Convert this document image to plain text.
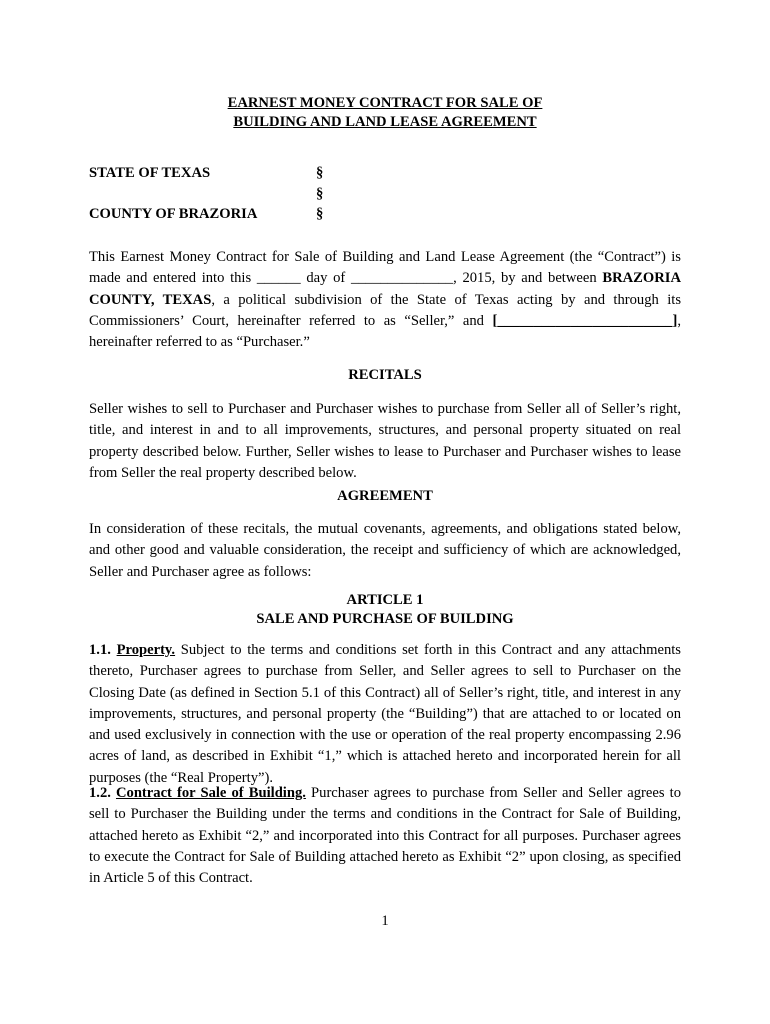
EARNEST MONEY CONTRACT FOR SALE OF
BUILDING AND LAND LEASE AGREEMENT
STATE OF TEXAS	§
§
COUNTY OF BRAZORIA	§

This Earnest Money Contract for Sale of Building and Land Lease Agreement (the “Contract”) is made and entered into this ______ day of ______________, 2015, by and between BRAZORIA COUNTY, TEXAS, a political subdivision of the State of Texas acting by and through its Commissioners’ Court, hereinafter referred to as “Seller,” and [________________________], hereinafter referred to as “Purchaser.”

RECITALS

Seller wishes to sell to Purchaser and Purchaser wishes to purchase from Seller all of Seller’s right, title, and interest in and to all improvements, structures, and personal property situated on real property described below. Further, Seller wishes to lease to Purchaser and Purchaser wishes to lease from Seller the real property described below.

AGREEMENT

In consideration of these recitals, the mutual covenants, agreements, and obligations stated below, and other good and valuable consideration, the receipt and sufficiency of which are acknowledged, Seller and Purchaser agree as follows:

ARTICLE 1
SALE AND PURCHASE OF BUILDING

1.1. Property. Subject to the terms and conditions set forth in this Contract and any attachments thereto, Purchaser agrees to purchase from Seller, and Seller agrees to sell to Purchaser on the Closing Date (as defined in Section 5.1 of this Contract) all of Seller’s right, title, and interest in any improvements, structures, and personal property (the “Building”) that are attached to or located on and used exclusively in connection with the use or operation of the real property encompassing 2.96 acres of land, as described in Exhibit “1,” which is attached hereto and incorporated herein for all purposes (the “Real Property”).

1.2. Contract for Sale of Building. Purchaser agrees to purchase from Seller and Seller agrees to sell to Purchaser the Building under the terms and conditions in the Contract for Sale of Building, attached hereto as Exhibit “2,” and incorporated into this Contract for all purposes. Purchaser agrees to execute the Contract for Sale of Building attached hereto as Exhibit “2” upon closing, as specified in Article 5 of this Contract.

1
